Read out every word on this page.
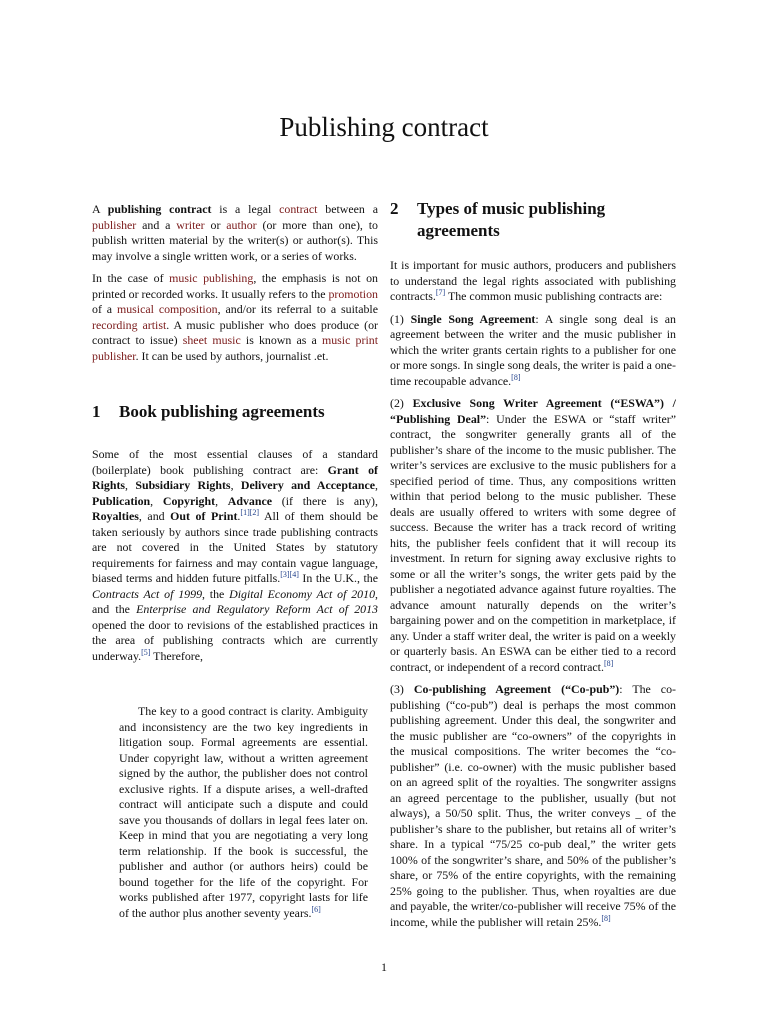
Publishing contract

A publishing contract is a legal contract between a publisher and a writer or author (or more than one), to publish written material by the writer(s) or author(s). This may involve a single written work, or a series of works.

In the case of music publishing, the emphasis is not on printed or recorded works. It usually refers to the promotion of a musical composition, and/or its referral to a suitable recording artist. A music publisher who does produce (or contract to issue) sheet music is known as a music print publisher. It can be used by authors, journalist .et.

1	Book publishing agreements

Some of the most essential clauses of a standard (boilerplate) book publishing contract are: Grant of Rights, Subsidiary Rights, Delivery and Acceptance, Publication, Copyright, Advance (if there is any), Royalties, and Out of Print.[1][2] All of them should be taken seriously by authors since trade publishing contracts are not covered in the United States by statutory requirements for fairness and may contain vague language, biased terms and hidden future pitfalls.[3][4] In the U.K., the Contracts Act of 1999, the Digital Economy Act of 2010, and the Enterprise and Regulatory Reform Act of 2013 opened the door to revisions of the established practices in the area of publishing contracts which are currently underway.[5] Therefore,

The key to a good contract is clarity. Ambiguity and inconsistency are the two key ingredients in litigation soup. Formal agreements are essential. Under copyright law, without a written agreement signed by the author, the publisher does not control exclusive rights. If a dispute arises, a well-drafted contract will anticipate such a dispute and could save you thousands of dollars in legal fees later on. Keep in mind that you are negotiating a very long term relationship. If the book is successful, the publisher and author (or authors heirs) could be bound together for the life of the copyright. For works published after 1977, copyright lasts for life of the author plus another seventy years.[6]
2	Types of music publishing agreements

It is important for music authors, producers and publishers to understand the legal rights associated with publishing contracts.[7] The common music publishing contracts are:

(1) Single Song Agreement: A single song deal is an agreement between the writer and the music publisher in which the writer grants certain rights to a publisher for one or more songs. In single song deals, the writer is paid a one-time recoupable advance.[8]

(2) Exclusive Song Writer Agreement (“ESWA”) / “Publishing Deal”: Under the ESWA or “staff writer” contract, the songwriter generally grants all of the publisher’s share of the income to the music publisher. The writer’s services are exclusive to the music publishers for a specified period of time. Thus, any compositions written within that period belong to the music publisher. These deals are usually offered to writers with some degree of success. Because the writer has a track record of writing hits, the publisher feels confident that it will recoup its investment. In return for signing away exclusive rights to some or all the writer’s songs, the writer gets paid by the publisher a negotiated advance against future royalties. The advance amount naturally depends on the writer’s bargaining power and on the competition in marketplace, if any. Under a staff writer deal, the writer is paid on a weekly or quarterly basis. An ESWA can be either tied to a record contract, or independent of a record contract.[8]

(3) Co-publishing Agreement (“Co-pub”): The co-publishing (“co-pub”) deal is perhaps the most common publishing agreement. Under this deal, the songwriter and the music publisher are “co-owners” of the copyrights in the musical compositions. The writer becomes the “co-publisher” (i.e. co-owner) with the music publisher based on an agreed split of the royalties. The songwriter assigns an agreed percentage to the publisher, usually (but not always), a 50/50 split. Thus, the writer conveys _ of the publisher’s share to the publisher, but retains all of writer’s share. In a typical “75/25 co-pub deal,” the writer gets 100% of the songwriter’s share, and 50% of the publisher’s share, or 75% of the entire copyrights, with the remaining 25% going to the publisher. Thus, when royalties are due and payable, the writer/co-publisher will receive 75% of the income, while the publisher will retain 25%.[8]

1
